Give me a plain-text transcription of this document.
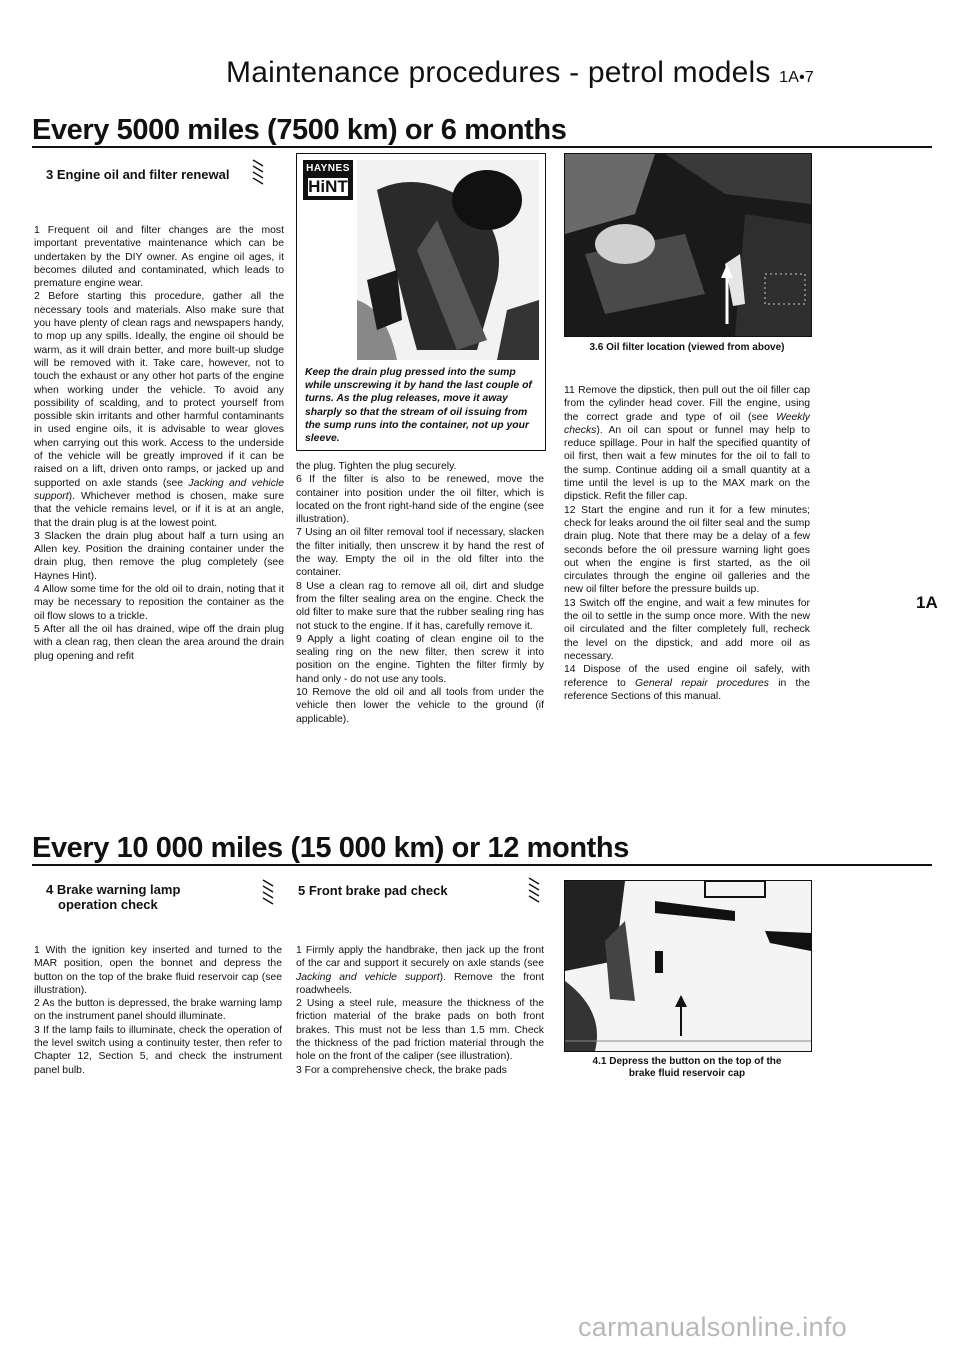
Maintenance procedures - petrol models 1A•7
Every 5000 miles (7500 km) or 6 months
3 Engine oil and filter renewal

1 Frequent oil and filter changes are the most important preventative maintenance which can be undertaken by the DIY owner. As engine oil ages, it becomes diluted and contaminated, which leads to premature engine wear.

2 Before starting this procedure, gather all the necessary tools and materials. Also make sure that you have plenty of clean rags and newspapers handy, to mop up any spills. Ideally, the engine oil should be warm, as it will drain better, and more built-up sludge will be removed with it. Take care, however, not to touch the exhaust or any other hot parts of the engine when working under the vehicle. To avoid any possibility of scalding, and to protect yourself from possible skin irritants and other harmful contaminants in used engine oils, it is advisable to wear gloves when carrying out this work. Access to the underside of the vehicle will be greatly improved if it can be raised on a lift, driven onto ramps, or jacked up and supported on axle stands (see Jacking and vehicle support). Whichever method is chosen, make sure that the vehicle remains level, or if it is at an angle, that the drain plug is at the lowest point.

3 Slacken the drain plug about half a turn using an Allen key. Position the draining container under the drain plug, then remove the plug completely (see Haynes Hint).

4 Allow some time for the old oil to drain, noting that it may be necessary to reposition the container as the oil flow slows to a trickle.

5 After all the oil has drained, wipe off the drain plug with a clean rag, then clean the area around the drain plug opening and refit

HAYNES
HiNT
Keep the drain plug pressed into the sump while unscrewing it by hand the last couple of turns. As the plug releases, move it away sharply so that the stream of oil issuing from the sump runs into the container, not up your sleeve.

the plug. Tighten the plug securely.

6 If the filter is also to be renewed, move the container into position under the oil filter, which is located on the front right-hand side of the engine (see illustration).

7 Using an oil filter removal tool if necessary, slacken the filter initially, then unscrew it by hand the rest of the way. Empty the oil in the old filter into the container.

8 Use a clean rag to remove all oil, dirt and sludge from the filter sealing area on the engine. Check the old filter to make sure that the rubber sealing ring has not stuck to the engine. If it has, carefully remove it.

9 Apply a light coating of clean engine oil to the sealing ring on the new filter, then screw it into position on the engine. Tighten the filter firmly by hand only - do not use any tools.

10 Remove the old oil and all tools from under the vehicle then lower the vehicle to the ground (if applicable).

3.6 Oil filter location (viewed from above)

11 Remove the dipstick, then pull out the oil filler cap from the cylinder head cover. Fill the engine, using the correct grade and type of oil (see Weekly checks). An oil can spout or funnel may help to reduce spillage. Pour in half the specified quantity of oil first, then wait a few minutes for the oil to fall to the sump. Continue adding oil a small quantity at a time until the level is up to the MAX mark on the dipstick. Refit the filler cap.

12 Start the engine and run it for a few minutes; check for leaks around the oil filter seal and the sump drain plug. Note that there may be a delay of a few seconds before the oil pressure warning light goes out when the engine is first started, as the oil circulates through the engine oil galleries and the new oil filter before the pressure builds up.

13 Switch off the engine, and wait a few minutes for the oil to settle in the sump once more. With the new oil circulated and the filter completely full, recheck the level on the dipstick, and add more oil as necessary.

14 Dispose of the used engine oil safely, with reference to General repair procedures in the reference Sections of this manual.

1A
Every 10 000 miles (15 000 km) or 12 months
4 Brake warning lamp
operation check

1 With the ignition key inserted and turned to the MAR position, open the bonnet and depress the button on the top of the brake fluid reservoir cap (see illustration).

2 As the button is depressed, the brake warning lamp on the instrument panel should illuminate.

3 If the lamp fails to illuminate, check the operation of the level switch using a continuity tester, then refer to Chapter 12, Section 5, and check the instrument panel bulb.

5 Front brake pad check

1 Firmly apply the handbrake, then jack up the front of the car and support it securely on axle stands (see Jacking and vehicle support). Remove the front roadwheels.

2 Using a steel rule, measure the thickness of the friction material of the brake pads on both front brakes. This must not be less than 1.5 mm. Check the thickness of the pad friction material through the hole on the front of the caliper (see illustration).

3 For a comprehensive check, the brake pads

4.1 Depress the button on the top of the
brake fluid reservoir cap
carmanualsonline.info
